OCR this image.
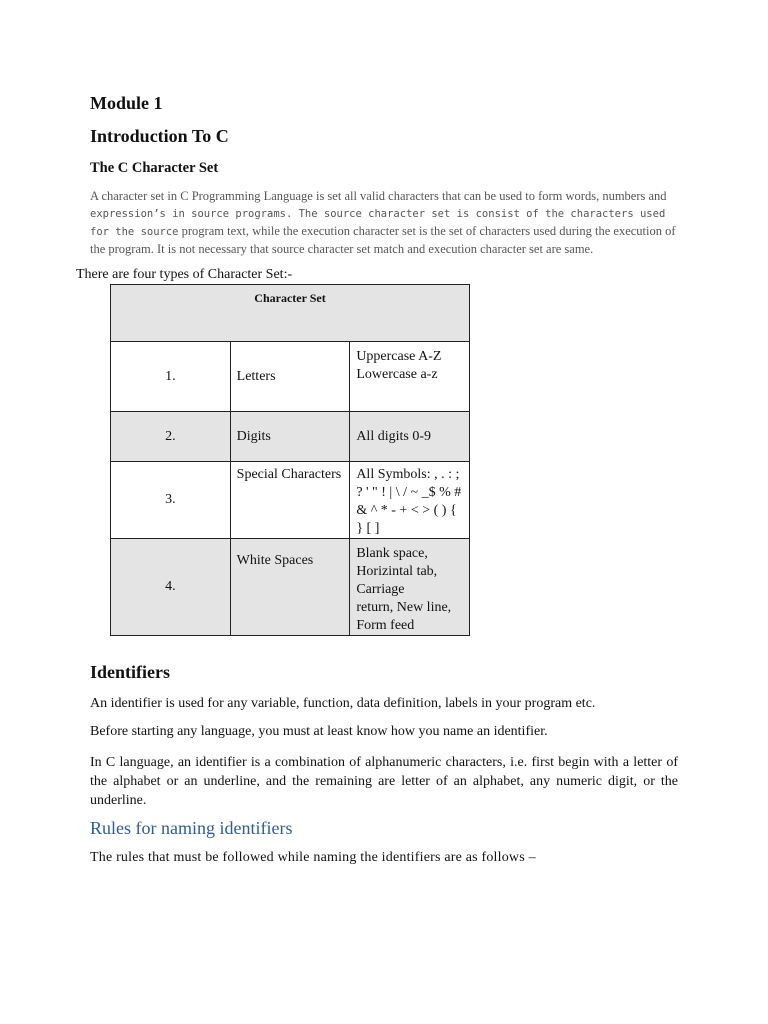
Module 1
Introduction To C
The C Character Set
A character set in C Programming Language is set all valid characters that can be used to form words, numbers and expression’s in source programs. The source character set is consist of the characters used for the source program text, while the execution character set is the set of characters used during the execution of the program. It is not necessary that source character set match and execution character set are same.
There are four types of Character Set:-
Character Set		
1.	Letters	Uppercase A-Z
Lowercase a-z

2.	Digits	All digits 0-9

3.	Special Characters	All Symbols: , . : ; ? ' " ! | \ / ~ _$ % #
& ^ * - + < > ( ) { } [ ]

4.	White Spaces	Blank space, Horizintal tab, Carriage
return, New line, Form feed
Identifiers
An identifier is used for any variable, function, data definition, labels in your program etc.
Before starting any language, you must at least know how you name an identifier.
In C language, an identifier is a combination of alphanumeric characters, i.e. first begin with a letter of the alphabet or an underline, and the remaining are letter of an alphabet, any numeric digit, or the underline.
Rules for naming identifiers
The rules that must be followed while naming the identifiers are as follows –
